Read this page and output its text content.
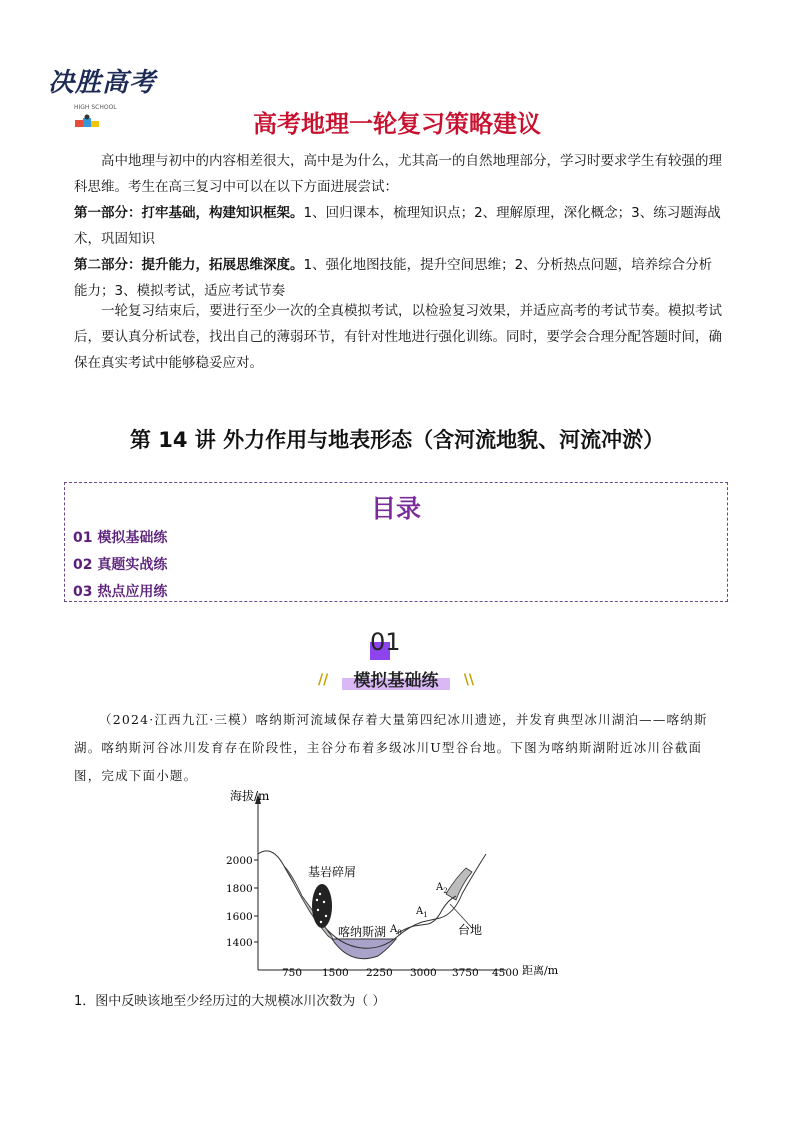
决胜高考
HIGH SCHOOL
高考地理一轮复习策略建议
高中地理与初中的内容相差很大，高中是为什么，尤其高一的自然地理部分，学习时要求学生有较强的理科思维。考生在高三复习中可以在以下方面进展尝试：
第一部分：打牢基础，构建知识框架。1、回归课本，梳理知识点；2、理解原理，深化概念；3、练习题海战术，巩固知识
第二部分：提升能力，拓展思维深度。1、强化地图技能，提升空间思维；2、分析热点问题，培养综合分析能力；3、模拟考试，适应考试节奏
一轮复习结束后，要进行至少一次的全真模拟考试，以检验复习效果，并适应高考的考试节奏。模拟考试后，要认真分析试卷，找出自己的薄弱环节，有针对性地进行强化训练。同时，要学会合理分配答题时间，确保在真实考试中能够稳妥应对。
第 14 讲 外力作用与地表形态（含河流地貌、河流冲淤）
目录
01 模拟基础练
02 真题实战练
03 热点应用练
01
//	\\
模拟基础练
（2024·江西九江·三模）喀纳斯河流域保存着大量第四纪冰川遗迹，并发育典型冰川湖泊——喀纳斯湖。喀纳斯河谷冰川发育存在阶段性，主谷分布着多级冰川U型谷台地。下图为喀纳斯湖附近冰川谷截面图，完成下面小题。
海拔/m
距离/m
2000
1800
1600
1400
750 1500 2250 3000 3750 4500
基岩碎屑
喀纳斯湖 $A_0$
$A_1$
$A_2$
台地
1．图中反映该地至少经历过的大规模冰川次数为（ ）
